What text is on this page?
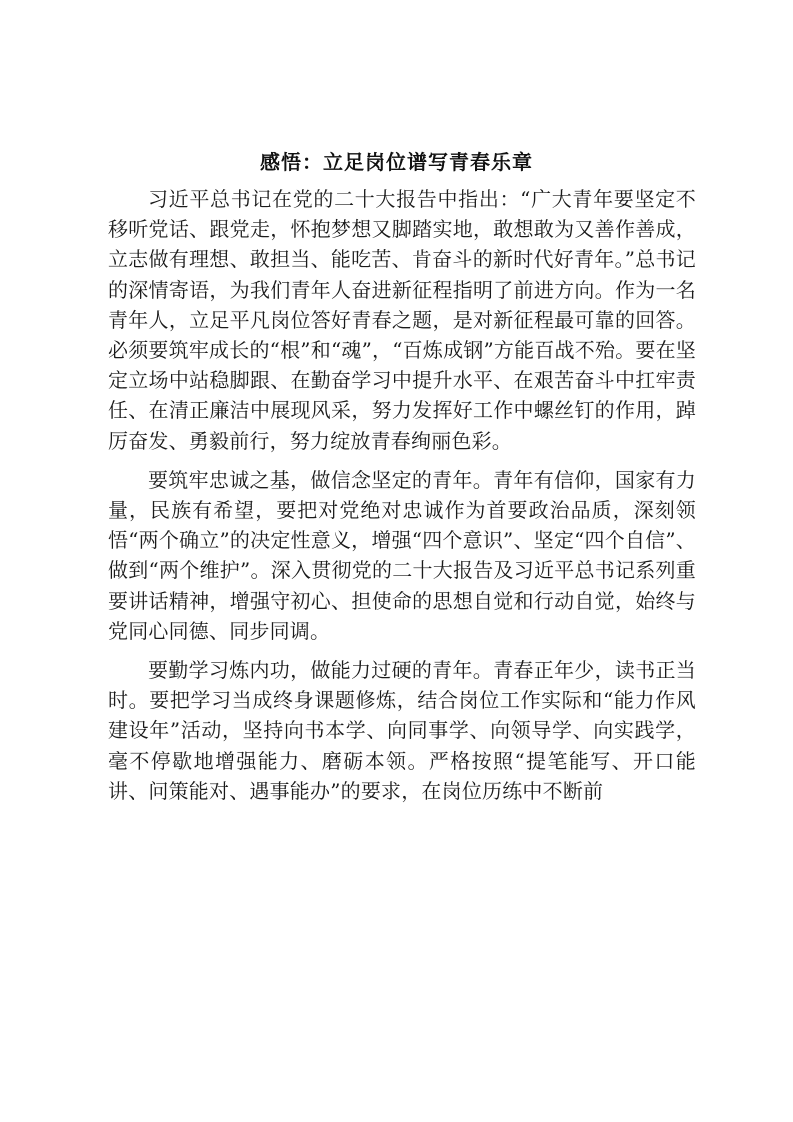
感悟：立足岗位谱写青春乐章

习近平总书记在党的二十大报告中指出：“广大青年要坚定不移听党话、跟党走，怀抱梦想又脚踏实地，敢想敢为又善作善成，立志做有理想、敢担当、能吃苦、肯奋斗的新时代好青年。”总书记的深情寄语，为我们青年人奋进新征程指明了前进方向。作为一名青年人，立足平凡岗位答好青春之题，是对新征程最可靠的回答。必须要筑牢成长的“根”和“魂”，“百炼成钢”方能百战不殆。要在坚定立场中站稳脚跟、在勤奋学习中提升水平、在艰苦奋斗中扛牢责任、在清正廉洁中展现风采，努力发挥好工作中螺丝钉的作用，踔厉奋发、勇毅前行，努力绽放青春绚丽色彩。

要筑牢忠诚之基，做信念坚定的青年。青年有信仰，国家有力量，民族有希望，要把对党绝对忠诚作为首要政治品质，深刻领悟“两个确立”的决定性意义，增强“四个意识”、坚定“四个自信”、做到“两个维护”。深入贯彻党的二十大报告及习近平总书记系列重要讲话精神，增强守初心、担使命的思想自觉和行动自觉，始终与党同心同德、同步同调。

要勤学习炼内功，做能力过硬的青年。青春正年少，读书正当时。要把学习当成终身课题修炼，结合岗位工作实际和“能力作风建设年”活动，坚持向书本学、向同事学、向领导学、向实践学，毫不停歇地增强能力、磨砺本领。严格按照“提笔能写、开口能讲、问策能对、遇事能办”的要求，在岗位历练中不断前
